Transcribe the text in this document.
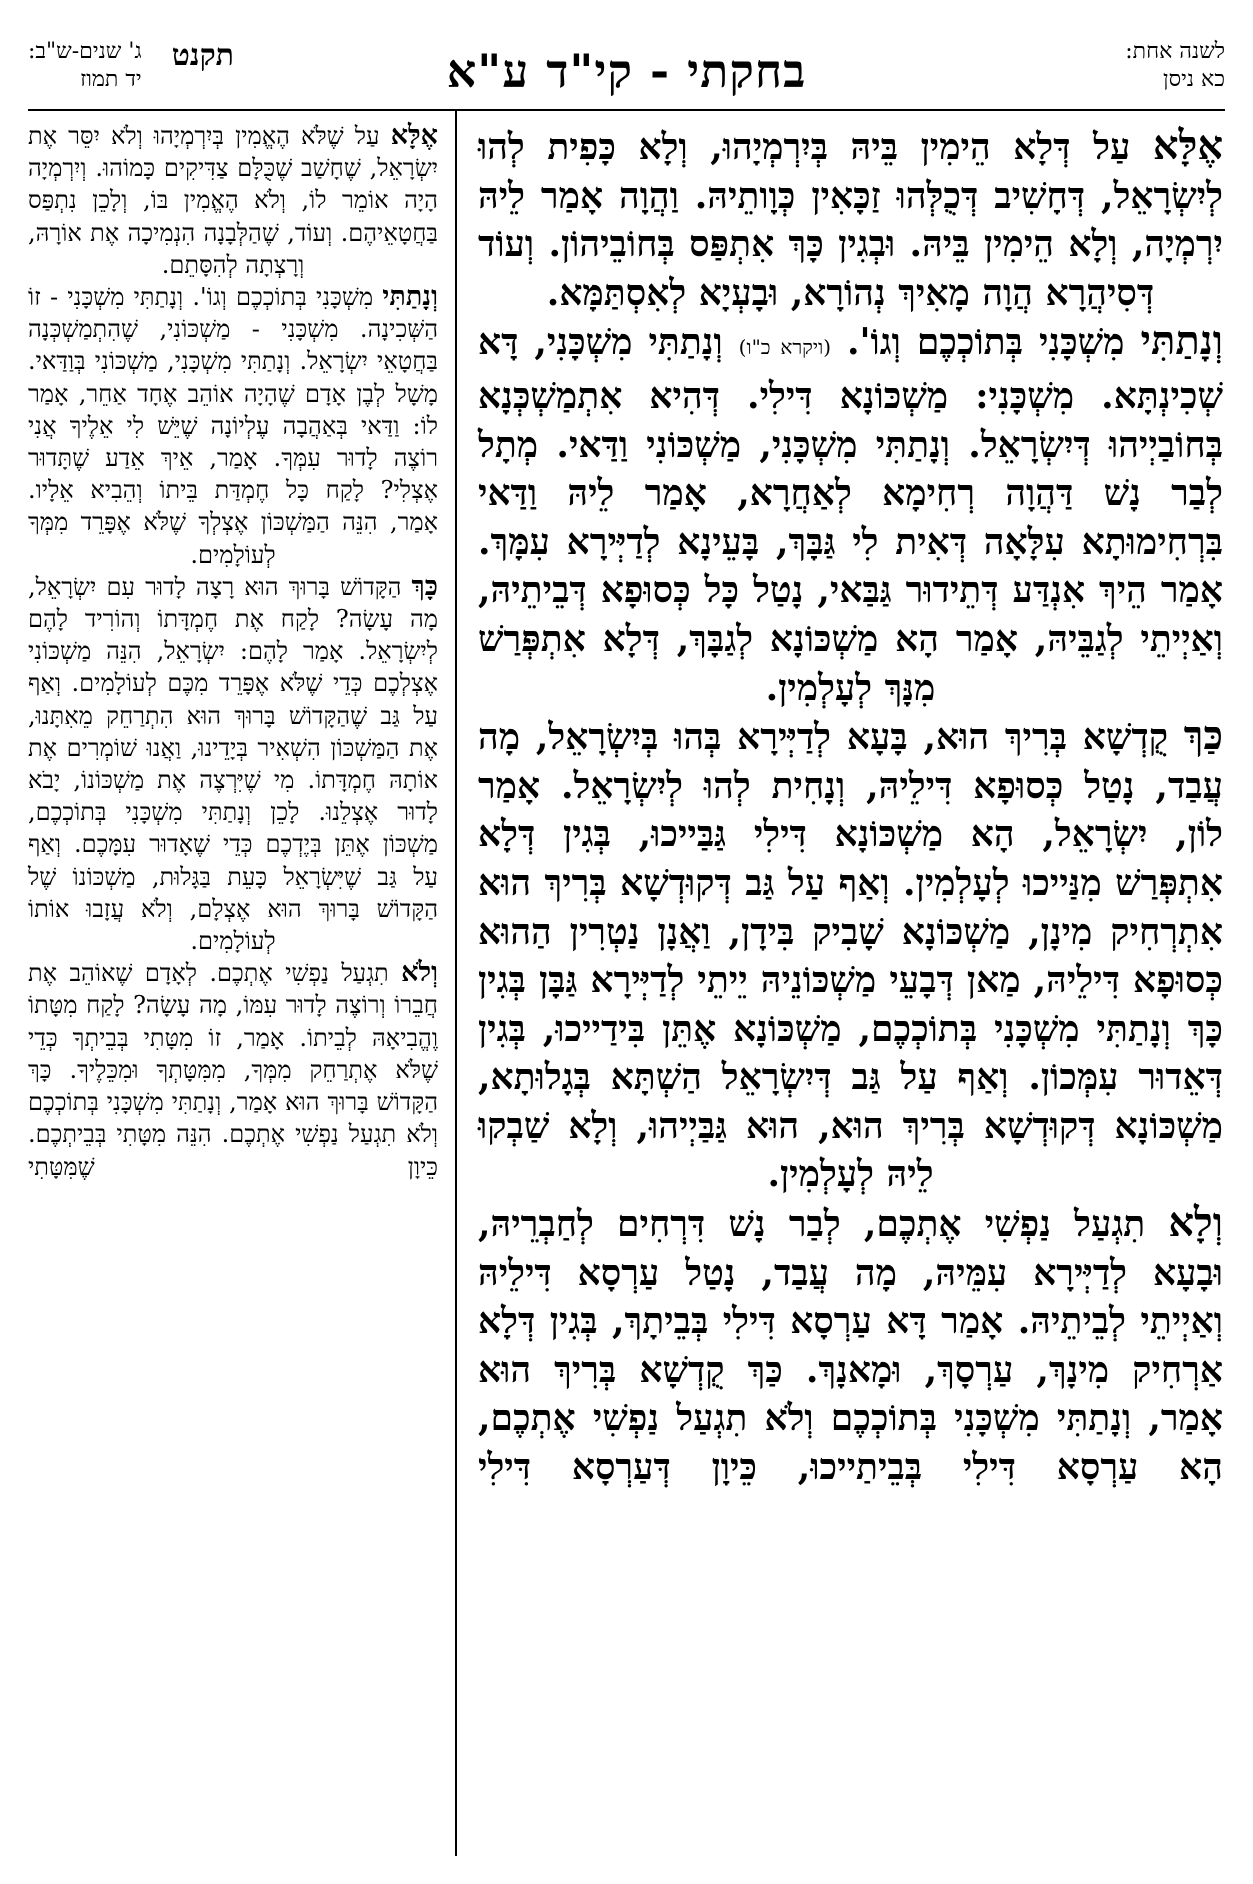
לשנה אחת:
כא ניסן
בחקתי - קי"ד ע"א
ג' שנים-ש"ב:
יד תמוז
תקנט

אֶלָּא עַל דְּלָא הֵימִין בֵּיהּ בְּיִרְמְיָהוּ, וְלָא כָּפִית לְהוּ לְיִשְׂרָאֵל, דְּחָשִׁיב דְּכֻלְּהוּ זַכָּאִין כְּוָותֵיהּ. וַהֲוָה אָמַר לֵיהּ יִרְמְיָה, וְלָא הֵימִין בֵּיהּ. וּבְגִין כָּךְ אִתְפַּס בְּחוֹבֵיהוֹן. וְעוֹד דְּסִיהֲרָא הֲוָה מָאִיךְ נְהוֹרָא, וּבָעְיָא לְאִסְתַּמָּא.

וְנָתַתִּי מִשְׁכָּנִי בְּתוֹכְכֶם וְגוֹ'. (ויקרא כ"ו) וְנָתַתִּי מִשְׁכָּנִי, דָּא שְׁכִינְתָּא. מִשְׁכָּנִי: מַשְׁכּוֹנָא דִּילִי. דְּהִיא אִתְמַשְׁכְּנָא בְּחוֹבַיְיהוּ דְּיִשְׂרָאֵל. וְנָתַתִּי מִשְׁכָּנִי, מַשְׁכּוֹנִי וַדַּאי. מְתָל לְבַר נָשׁ דַּהֲוָה רְחִימָא לְאַחֲרָא, אָמַר לֵיהּ וַדַּאי בִּרְחִימוּתָא עִלָּאָה דְּאִית לִי גַּבָּךְ, בָּעֵינָא לְדַיְּירָא עִמָּךְ. אָמַר הֵיךְ אִנְדַּע דְּתֵידוּר גַּבַּאי, נָטַל כָּל כְּסוּפָא דְּבֵיתֵיהּ, וְאַיְיתֵי לְגַבֵּיהּ, אָמַר הָא מַשְׁכּוֹנָא לְגַבָּךְ, דְּלָא אִתְפְּרַשׁ מִנָּךְ לְעָלְמִין.

כַּךְ קֻדְשָׁא בְּרִיךְ הוּא, בָּעָא לְדַיְּירָא בְּהוּ בְּיִשְׂרָאֵל, מָה עֲבַד, נָטַל כְּסוּפָא דִּילֵיהּ, וְנָחִית לְהוּ לְיִשְׂרָאֵל. אָמַר לוֹן, יִשְׂרָאֵל, הָא מַשְׁכּוֹנָא דִּילִי גַּבַּייכוּ, בְּגִין דְּלָא אִתְפְּרַשׁ מִנַּייכוּ לְעָלְמִין. וְאַף עַל גַּב דְּקוּדְשָׁא בְּרִיךְ הוּא אִתְרְחִיק מִינָן, מַשְׁכּוֹנָא שָׁבִיק בִּידָן, וַאֲנָן נַטְרִין הַהוּא כְּסוּפָא דִּילֵיהּ, מַאן דְּבָעֵי מַשְׁכּוֹנֵיהּ יֵיתֵי לְדַיְּירָא גַּבָּן בְּגִין כָּךְ וְנָתַתִּי מִשְׁכָּנִי בְּתוֹכְכֶם, מַשְׁכּוֹנָא אֶתֵּן בִּידַייכוּ, בְּגִין דְּאֵדוּר עִמְּכוֹן. וְאַף עַל גַּב דְּיִשְׂרָאֵל הַשְׁתָּא בְּגָלוּתָא, מַשְׁכּוֹנָא דְּקוּדְשָׁא בְּרִיךְ הוּא, הוּא גַּבַּיְיהוּ, וְלָא שַׁבְקוּ לֵיהּ לְעָלְמִין.

וְלָא תִגְעַל נַפְשִׁי אֶתְכֶם, לְבַר נָשׁ דִּרְחִים לְחַבְרֵיהּ, וּבָעָא לְדַיְּירָא עִמֵּיהּ, מָה עֲבַד, נָטַל עַרְסָא דִּילֵיהּ וְאַיְיתֵי לְבֵיתֵיהּ. אָמַר דָּא עַרְסָא דִּילִי בְּבֵיתָךְ, בְּגִין דְּלָא אַרְחִיק מִינָךְ, עַרְסָךְ, וּמָאנָךְ. כַּךְ קֻדְשָׁא בְּרִיךְ הוּא אָמַר, וְנָתַתִּי מִשְׁכָּנִי בְּתוֹכְכֶם וְלֹא תִגְעַל נַפְשִׁי אֶתְכֶם, הָא עַרְסָא דִּילִי בְּבֵיתַייכוּ, כֵּיוָן דְּעַרְסָא דִּילִי

אֶלָּא עַל שֶׁלֹּא הֶאֱמִין בְּיִרְמְיָהוּ וְלֹא יִסֵּר אֶת יִשְׂרָאֵל, שֶׁחָשַׁב שֶׁכֻּלָּם צַדִּיקִים כָּמוֹהוּ. וְיִרְמְיָה הָיָה אוֹמֵר לוֹ, וְלֹא הֶאֱמִין בּוֹ, וְלָכֵן נִתְפַּס בַּחֲטָאֵיהֶם. וְעוֹד, שֶׁהַלְּבָנָה הִנְמִיכָה אֶת אוֹרָהּ, וְרָצְתָה לְהִסָּתֵם.

וְנָתַתִּי מִשְׁכָּנִי בְּתוֹכְכֶם וְגוֹ'. וְנָתַתִּי מִשְׁכָּנִי - זוֹ הַשְּׁכִינָה. מִשְׁכָּנִי - מַשְׁכּוֹנִי, שֶׁהִתְמַשְׁכְּנָה בַּחֲטָאֵי יִשְׂרָאֵל. וְנָתַתִּי מִשְׁכָּנִי, מַשְׁכּוֹנִי בְּוַדַּאי. מָשָׁל לְבֶן אָדָם שֶׁהָיָה אוֹהֵב אֶחָד אַחֵר, אָמַר לוֹ: וַדַּאי בְּאַהֲבָה עֶלְיוֹנָה שֶׁיֵּשׁ לִי אֵלֶיךָ אֲנִי רוֹצֶה לָדוּר עִמְּךָ. אָמַר, אֵיךְ אֵדַע שֶׁתָּדוּר אֶצְלִי? לָקַח כָּל חֶמְדַּת בֵּיתוֹ וְהֵבִיא אֵלָיו. אָמַר, הִנֵּה הַמַּשְׁכּוֹן אֶצְלְךָ שֶׁלֹּא אֶפָּרֵד מִמְּךָ לְעוֹלָמִים.

כָּךְ הַקָּדוֹשׁ בָּרוּךְ הוּא רָצָה לָדוּר עִם יִשְׂרָאֵל, מָה עָשָׂה? לָקַח אֶת חֶמְדָּתוֹ וְהוֹרִיד לָהֶם לְיִשְׂרָאֵל. אָמַר לָהֶם: יִשְׂרָאֵל, הִנֵּה מַשְׁכּוֹנִי אֶצְלְכֶם כְּדֵי שֶׁלֹּא אֶפָּרֵד מִכֶּם לְעוֹלָמִים. וְאַף עַל גַּב שֶׁהַקָּדוֹשׁ בָּרוּךְ הוּא הִתְרַחֵק מֵאִתָּנוּ, אֶת הַמַּשְׁכּוֹן הִשְׁאִיר בְּיָדֵינוּ, וַאֲנוּ שׁוֹמְרִים אֶת אוֹתָהּ חֶמְדָּתוֹ. מִי שֶׁיִּרְצֶה אֶת מַשְׁכּוֹנוֹ, יָבֹא לָדוּר אֶצְלֵנוּ. לָכֵן וְנָתַתִּי מִשְׁכָּנִי בְּתוֹכְכֶם, מַשְׁכּוֹן אֶתֵּן בְּיֶדְכֶם כְּדֵי שֶׁאָדוּר עִמָּכֶם. וְאַף עַל גַּב שֶׁיִּשְׂרָאֵל כָּעֵת בַּגָּלוּת, מַשְׁכּוֹנוֹ שֶׁל הַקָּדוֹשׁ בָּרוּךְ הוּא אֶצְלָם, וְלֹא עֲזָבוּ אוֹתוֹ לְעוֹלָמִים.

וְלֹא תִגְעַל נַפְשִׁי אֶתְכֶם. לְאָדָם שֶׁאוֹהֵב אֶת חֲבֵרוֹ וְרוֹצֶה לָדוּר עִמּוֹ, מָה עָשָׂה? לָקַח מִטָּתוֹ וֶהֱבִיאָהּ לְבֵיתוֹ. אָמַר, זוֹ מִטָּתִי בְּבֵיתְךָ כְּדֵי שֶׁלֹּא אֶתְרַחֵק מִמְּךָ, מִמִּטָּתְךָ וּמִכֵּלֶיךָ. כָּךְ הַקָּדוֹשׁ בָּרוּךְ הוּא אָמַר, וְנָתַתִּי מִשְׁכָּנִי בְּתוֹכְכֶם וְלֹא תִגְעַל נַפְשִׁי אֶתְכֶם. הִנֵּה מִטָּתִי בְּבֵיתְכֶם. כֵּיוָן שֶׁמִּטָּתִי
